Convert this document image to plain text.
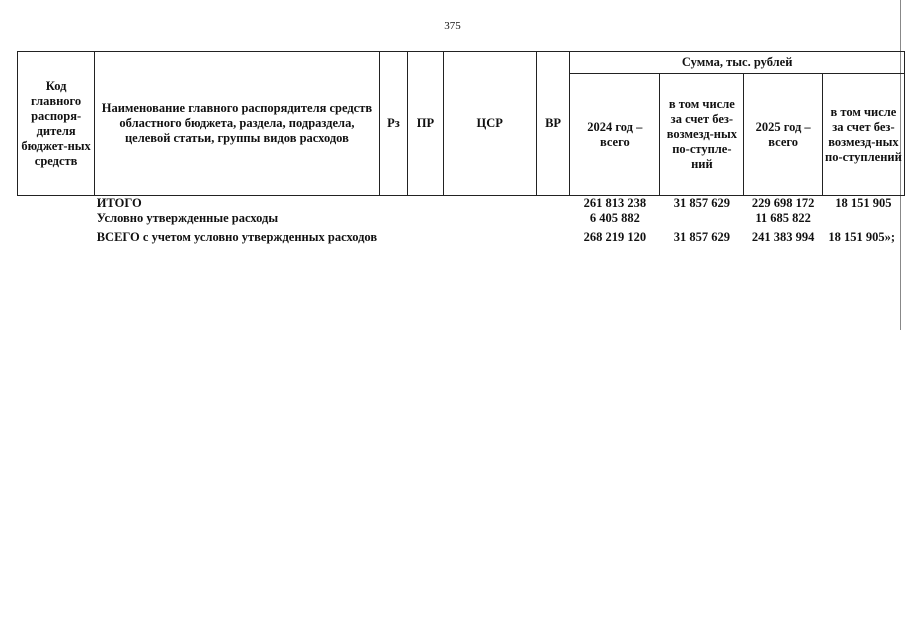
375
Код главного распоря-дителя бюджет-ных средств	Наименование главного распорядителя средств областного бюджета, раздела, подраздела, целевой статьи, группы видов расходов	Рз	ПР	ЦСР	ВР	Сумма, тыс. рублей			
						2024 год – всего	в том числе за счет без-возмезд-ных по-ступле-ний	2025 год – всего	в том числе за счет без-возмезд-ных по-ступлений
	ИТОГО					261 813 238	31 857 629	229 698 172	18 151 905
	Условно утвержденные расходы					6 405 882		11 685 822	
	ВСЕГО с учетом условно утвержденных расходов					268 219 120	31 857 629	241 383 994	18 151 905»;
